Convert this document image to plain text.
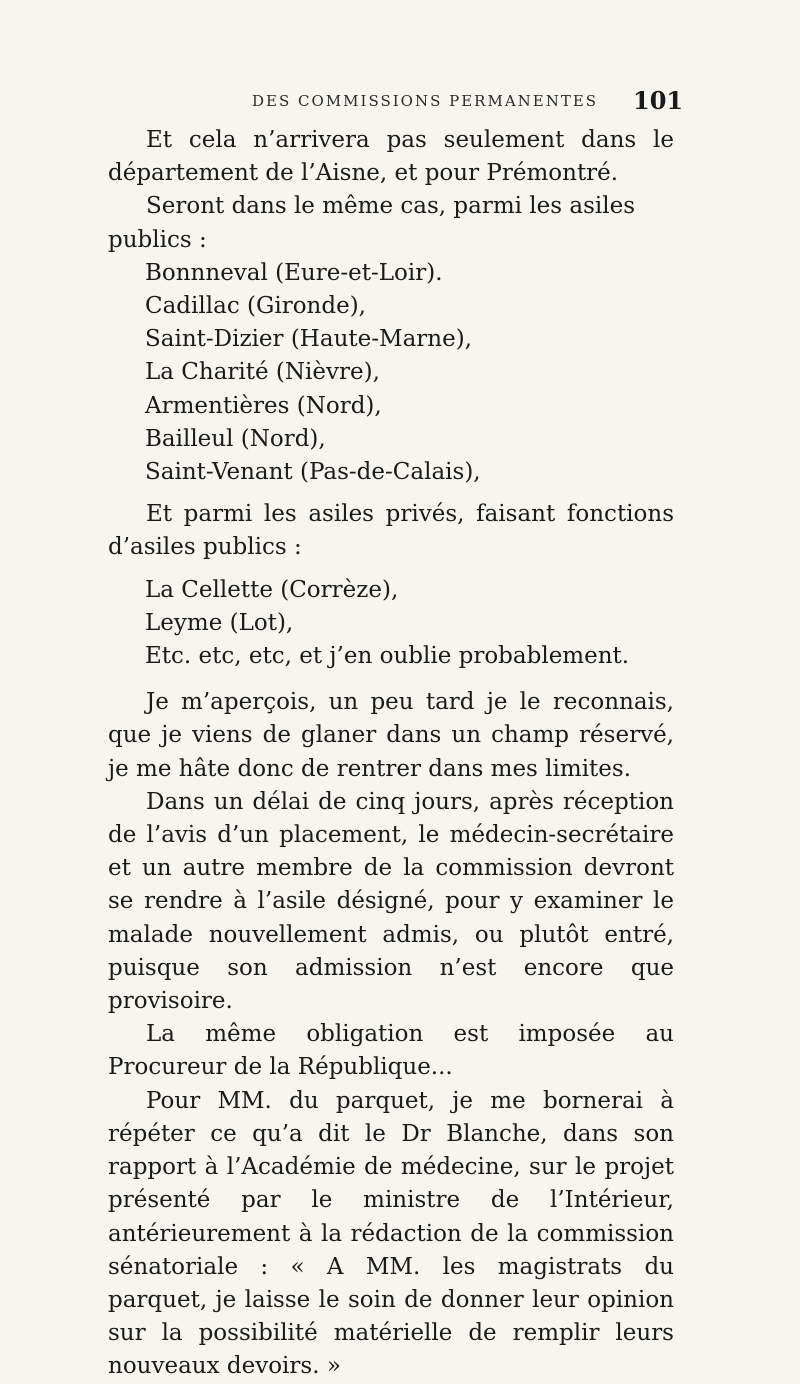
DES COMMISSIONS PERMANENTES 101

Et cela n’arrivera pas seulement dans le département de l’Aisne, et pour Prémontré.

Seront dans le même cas, parmi les asiles publics :

Bonnneval (Eure-et-Loir).

Cadillac (Gironde),

Saint-Dizier (Haute-Marne),

La Charité (Nièvre),

Armentières (Nord),

Bailleul (Nord),

Saint-Venant (Pas-de-Calais),

Et parmi les asiles privés, faisant fonctions d’asiles publics :

La Cellette (Corrèze),

Leyme (Lot),

Etc. etc, etc, et j’en oublie probablement.

Je m’aperçois, un peu tard je le reconnais, que je viens de glaner dans un champ réservé, je me hâte donc de rentrer dans mes limites.

Dans un délai de cinq jours, après réception de l’avis d’un placement, le médecin-secrétaire et un autre membre de la commission devront se rendre à l’asile désigné, pour y examiner le malade nouvellement admis, ou plutôt entré, puisque son admission n’est encore que provisoire.

La même obligation est imposée au Procureur de la République...

Pour MM. du parquet, je me bornerai à répéter ce qu’a dit le Dr Blanche, dans son rapport à l’Académie de médecine, sur le projet présenté par le ministre de l’Intérieur, antérieurement à la rédaction de la commission sénatoriale : « A MM. les magistrats du parquet, je laisse le soin de donner leur opinion sur la possibilité matérielle de remplir leurs nouveaux devoirs. »
